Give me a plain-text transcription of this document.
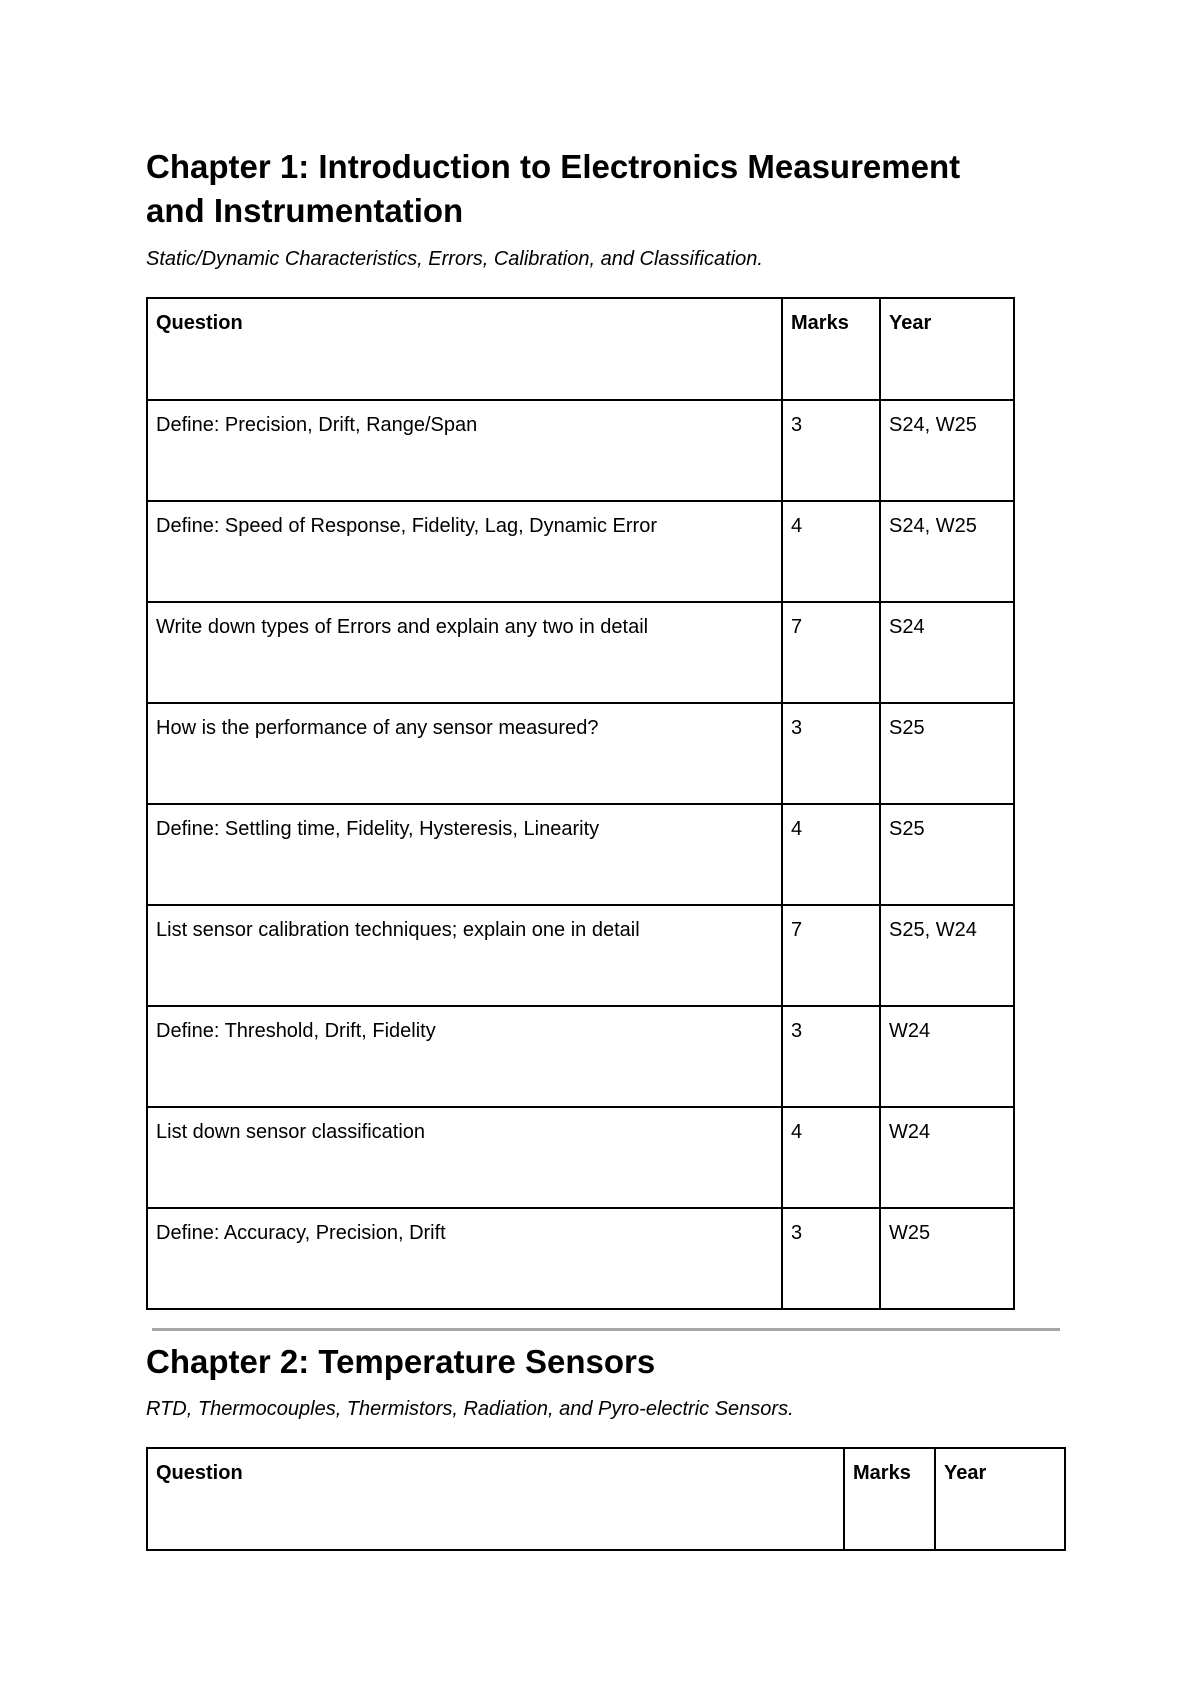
Chapter 1: Introduction to Electronics Measurement
and Instrumentation

Static/Dynamic Characteristics, Errors, Calibration, and Classification.

Question	Marks	Year
Define: Precision, Drift, Range/Span	3	S24, W25
Define: Speed of Response, Fidelity, Lag, Dynamic Error	4	S24, W25
Write down types of Errors and explain any two in detail	7	S24
How is the performance of any sensor measured?	3	S25
Define: Settling time, Fidelity, Hysteresis, Linearity	4	S25
List sensor calibration techniques; explain one in detail	7	S25, W24
Define: Threshold, Drift, Fidelity	3	W24
List down sensor classification	4	W24
Define: Accuracy, Precision, Drift	3	W25
Chapter 2: Temperature Sensors

RTD, Thermocouples, Thermistors, Radiation, and Pyro-electric Sensors.

Question	Marks	Year
